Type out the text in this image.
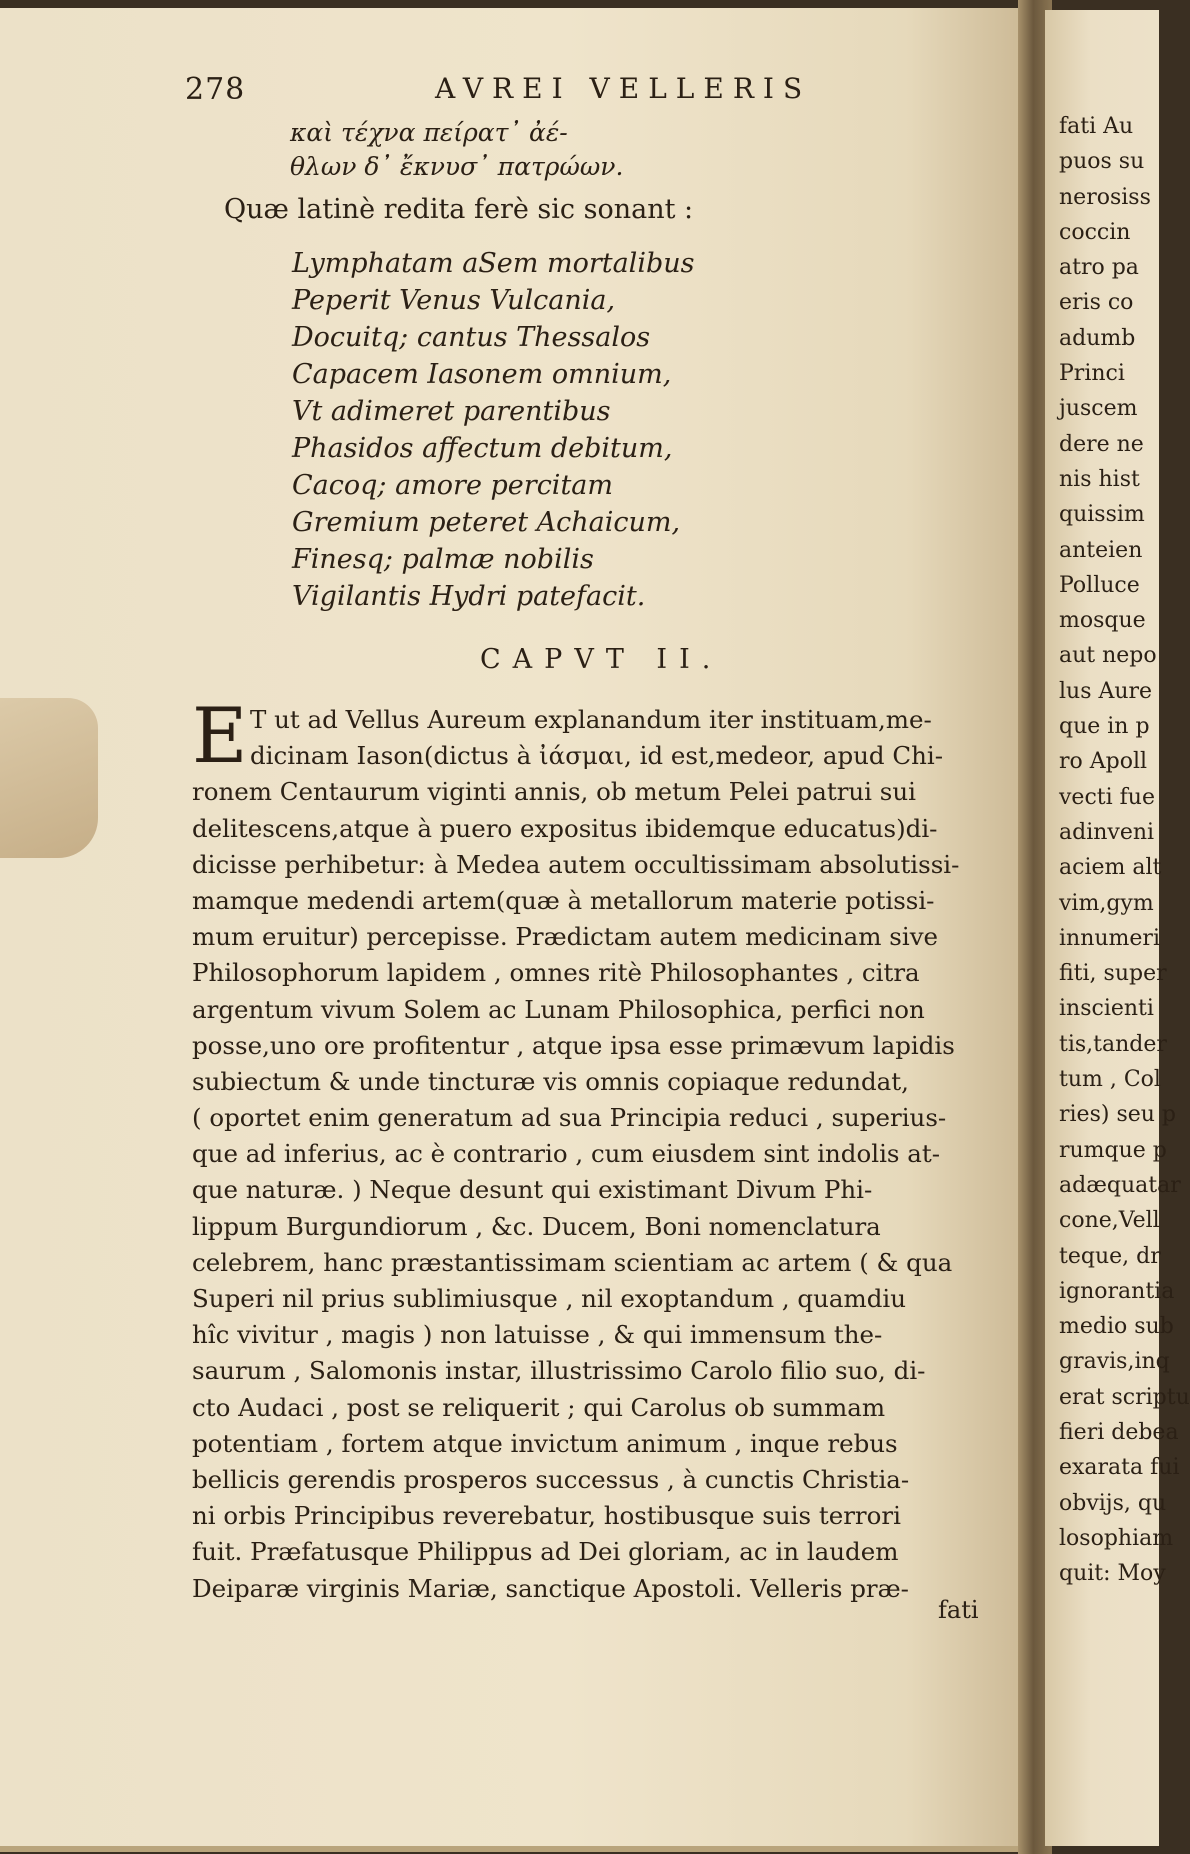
278	AVREI VELLERIS
καὶ τέχνα πείρατ᾽ ἀέ-
θλων δ᾽ ἔκνυσ᾽ πατρώων.
Quæ latinè redita ferè sic sonant :
Lymphatam aSem mortalibus
Peperit Venus Vulcania,
Docuitq; cantus Thessalos
Capacem Iasonem omnium,
Vt adimeret parentibus
Phasidos affectum debitum,
Cacoq; amore percitam
Gremium peteret Achaicum,
Finesq; palmæ nobilis
Vigilantis Hydri patefacit.
CAPVT II.
E T ut ad Vellus Aureum explanandum iter instituam,me-
dicinam Iason(dictus à ἰάσμαι, id est,medeor, apud Chi-
ronem Centaurum viginti annis, ob metum Pelei patrui sui
delitescens,atque à puero expositus ibidemque educatus)di-
dicisse perhibetur: à Medea autem occultissimam absolutissi-
mamque medendi artem(quæ à metallorum materie potissi-
mum eruitur) percepisse. Prædictam autem medicinam sive
Philosophorum lapidem , omnes ritè Philosophantes , citra
argentum vivum Solem ac Lunam Philosophica, perfici non
posse,uno ore profitentur , atque ipsa esse primævum lapidis
subiectum & unde tincturæ vis omnis copiaque redundat,
( oportet enim generatum ad sua Principia reduci , superius-
que ad inferius, ac è contrario , cum eiusdem sint indolis at-
que naturæ. ) Neque desunt qui existimant Divum Phi-
lippum Burgundiorum , &c. Ducem, Boni nomenclatura
celebrem, hanc præstantissimam scientiam ac artem ( & qua
Superi nil prius sublimiusque , nil exoptandum , quamdiu
hîc vivitur , magis ) non latuisse , & qui immensum the-
saurum , Salomonis instar, illustrissimo Carolo filio suo, di-
cto Audaci , post se reliquerit ; qui Carolus ob summam
potentiam , fortem atque invictum animum , inque rebus
bellicis gerendis prosperos successus , à cunctis Christia-
ni orbis Principibus reverebatur, hostibusque suis terrori
fuit. Præfatusque Philippus ad Dei gloriam, ac in laudem
Deiparæ virginis Mariæ, sanctique Apostoli. Velleris præ-
fati
fati Au
puos su
nerosiss
coccin
atro pa
eris co
adumb
Princi
juscem
dere ne
nis hist
quissim
anteien
Polluce
mosque
aut nepo
lus Aure
que in p
ro Apoll
vecti fue
adinveni
aciem alt
vim,gym
innumeri
fiti, super
inscienti
tis,tander
tum , Col
ries) seu p
rumque p
adæquatar
cone,Vell
teque, dr
ignorantia
medio sub
gravis,inq
erat scriptu
fieri debea
exarata fui
obvijs, qu
losophiam
quit: Moy
